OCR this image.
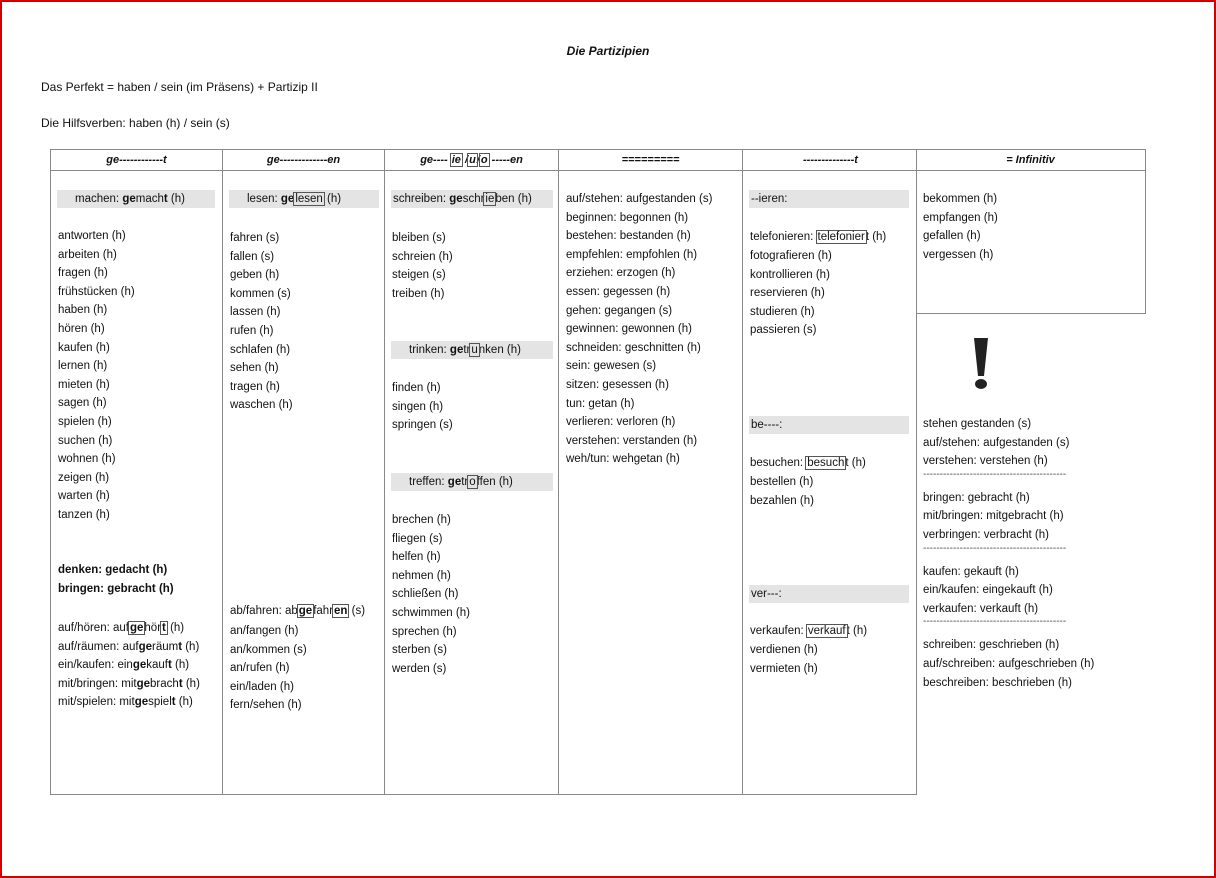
Die Partizipien
Das Perfekt = haben / sein (im Präsens) + Partizip II
Die Hilfsverben: haben (h) / sein (s)
ge------------t
machen: gemacht (h)
antworten (h)
arbeiten (h)
fragen (h)
frühstücken (h)
haben (h)
hören (h)
kaufen (h)
lernen (h)
mieten (h)
sagen (h)
spielen (h)
suchen (h)
wohnen (h)
zeigen (h)
warten (h)
tanzen (h)
denken: gedacht (h)
bringen: gebracht (h)
auf/hören: aufgehört (h)
auf/räumen: aufgeräumt (h)
ein/kaufen: eingekauft (h)
mit/bringen: mitgebracht (h)
mit/spielen: mitgespielt (h)
ge-------------en
lesen: gelesen (h)
fahren (s)
fallen (s)
geben (h)
kommen (s)
lassen (h)
rufen (h)
schlafen (h)
sehen (h)
tragen (h)
waschen (h)
ab/fahren: abgefahren (s)
an/fangen (h)
an/kommen (s)
an/rufen (h)
ein/laden (h)
fern/sehen (h)
ge---- ie /u/o -----en
schreiben: geschrieben (h)
bleiben (s)
schreien (h)
steigen (s)
treiben (h)
trinken: getrunken (h)
finden (h)
singen (h)
springen (s)
treffen: getroffen (h)
brechen (h)
fliegen (s)
helfen (h)
nehmen (h)
schließen (h)
schwimmen (h)
sprechen (h)
sterben (s)
werden (s)
=========
auf/stehen: aufgestanden (s)
beginnen: begonnen (h)
bestehen: bestanden (h)
empfehlen: empfohlen (h)
erziehen: erzogen (h)
essen: gegessen (h)
gehen: gegangen (s)
gewinnen: gewonnen (h)
schneiden: geschnitten (h)
sein: gewesen (s)
sitzen: gesessen (h)
tun: getan (h)
verlieren: verloren (h)
verstehen: verstanden (h)
weh/tun: wehgetan (h)
--------------t
--ieren:
telefonieren: telefoniert (h)
fotografieren (h)
kontrollieren (h)
reservieren (h)
studieren (h)
passieren (s)
be----:
besuchen: besucht (h)
bestellen (h)
bezahlen (h)
ver---:
verkaufen: verkauft (h)
verdienen (h)
vermieten (h)
= Infinitiv
bekommen (h)
empfangen (h)
gefallen (h)
vergessen (h)
stehen gestanden (s)
auf/stehen: aufgestanden (s)
verstehen: verstehen (h)
-------------------------------------------
bringen: gebracht (h)
mit/bringen: mitgebracht (h)
verbringen: verbracht (h)
-------------------------------------------
kaufen: gekauft (h)
ein/kaufen: eingekauft (h)
verkaufen: verkauft (h)
-------------------------------------------
schreiben: geschrieben (h)
auf/schreiben: aufgeschrieben (h)
beschreiben: beschrieben (h)
